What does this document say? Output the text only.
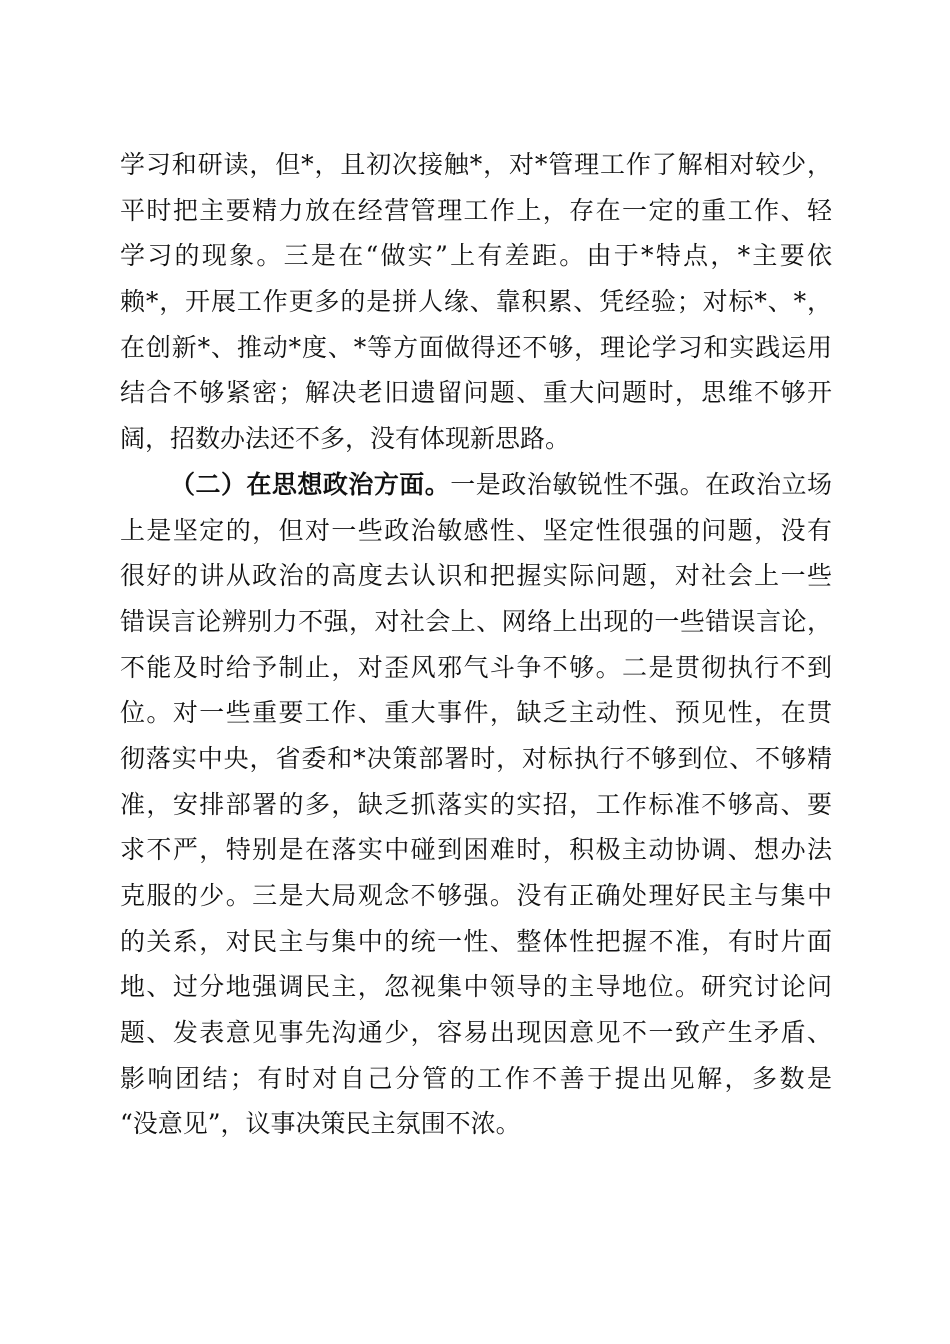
学习和研读，但*，且初次接触*，对*管理工作了解相对较少，
平时把主要精力放在经营管理工作上，存在一定的重工作、轻
学习的现象。三是在“做实”上有差距。由于*特点，*主要依
赖*，开展工作更多的是拼人缘、靠积累、凭经验；对标*、*，
在创新*、推动*度、*等方面做得还不够，理论学习和实践运用
结合不够紧密；解决老旧遗留问题、重大问题时，思维不够开
阔，招数办法还不多，没有体现新思路。
（二）在思想政治方面。一是政治敏锐性不强。在政治立场
上是坚定的，但对一些政治敏感性、坚定性很强的问题，没有
很好的讲从政治的高度去认识和把握实际问题，对社会上一些
错误言论辨别力不强，对社会上、网络上出现的一些错误言论，
不能及时给予制止，对歪风邪气斗争不够。二是贯彻执行不到
位。对一些重要工作、重大事件，缺乏主动性、预见性，在贯
彻落实中央，省委和*决策部署时，对标执行不够到位、不够精
准，安排部署的多，缺乏抓落实的实招，工作标准不够高、要
求不严，特别是在落实中碰到困难时，积极主动协调、想办法
克服的少。三是大局观念不够强。没有正确处理好民主与集中
的关系，对民主与集中的统一性、整体性把握不准，有时片面
地、过分地强调民主，忽视集中领导的主导地位。研究讨论问
题、发表意见事先沟通少，容易出现因意见不一致产生矛盾、
影响团结；有时对自己分管的工作不善于提出见解，多数是
“没意见”，议事决策民主氛围不浓。
